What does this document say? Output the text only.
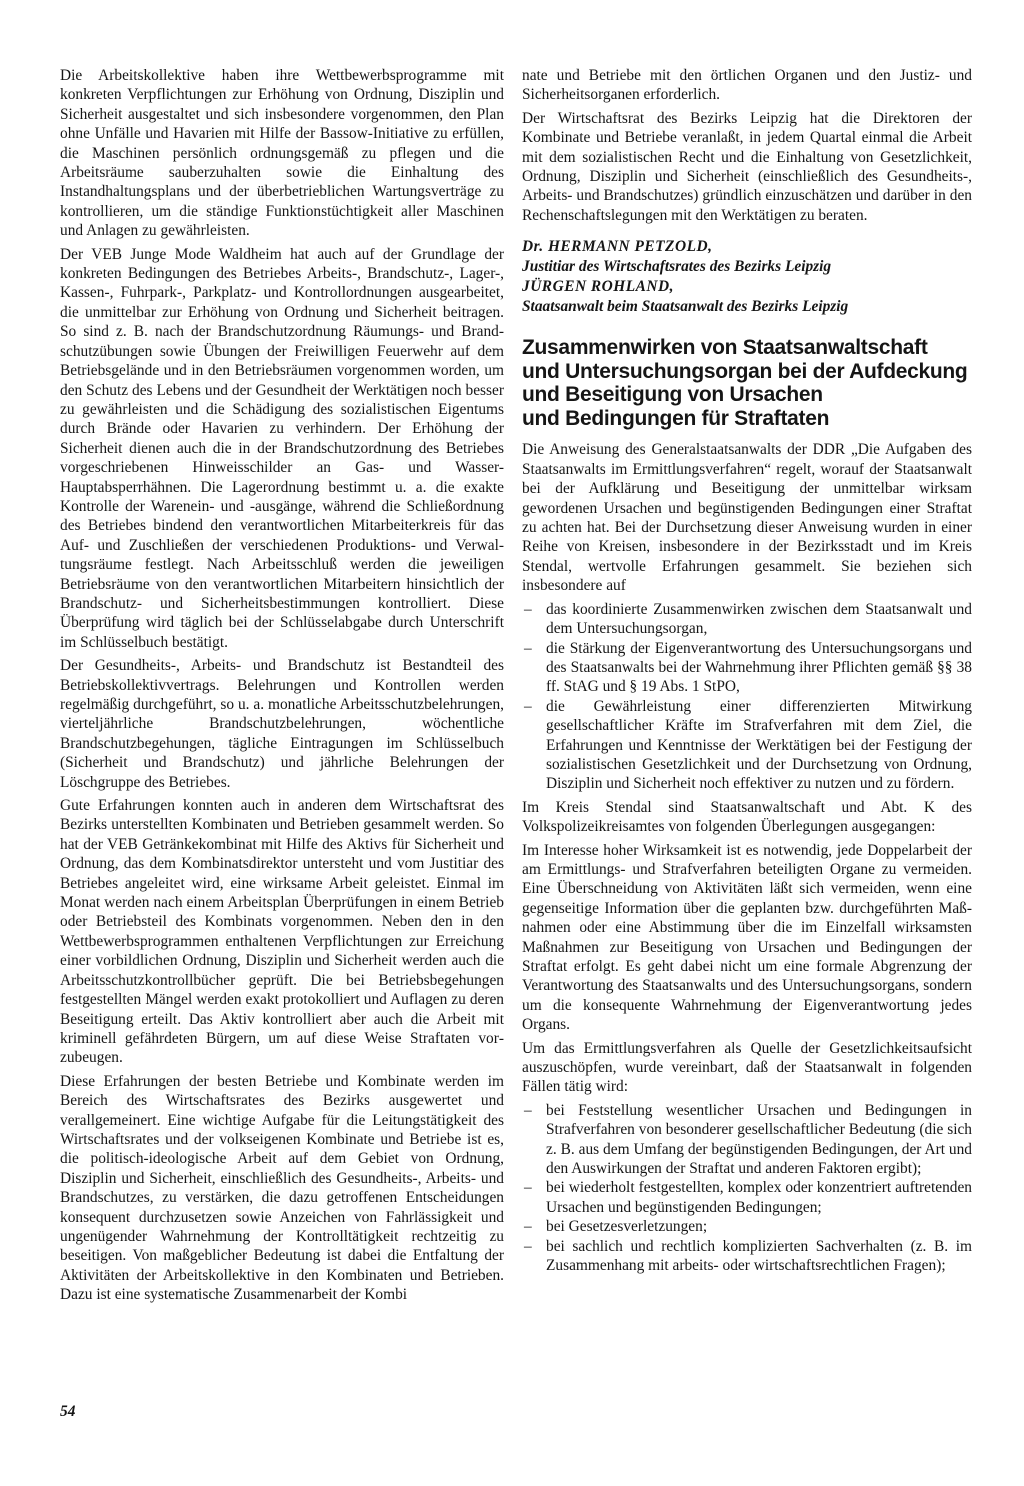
Die Arbeitskollektive haben ihre Wettbewerbsprogramme mit konkreten Verpflichtungen zur Erhöhung von Ordnung, Disziplin und Sicherheit ausgestaltet und sich insbesondere vorgenommen, den Plan ohne Unfälle und Havarien mit Hilfe der Bassow-Initiative zu erfüllen, die Maschinen persönlich ordnungsgemäß zu pflegen und die Arbeitsräume sauberzuhalten sowie die Einhaltung des Instandhaltungsplans und der überbetrieblichen Wartungsverträge zu kontrollieren, um die ständige Funktionstüchtigkeit aller Maschinen und Anlagen zu gewährleisten.

Der VEB Junge Mode Waldheim hat auch auf der Grundlage der konkreten Bedingungen des Betriebes Arbeits-, Brandschutz-, Lager-, Kassen-, Fuhrpark-, Parkplatz- und Kontrollordnungen ausgearbeitet, die unmittelbar zur Erhöhung von Ordnung und Sicherheit beitragen. So sind z. B. nach der Brandschutzordnung Räumungs- und Brandschutzübungen sowie Übungen der Freiwilligen Feuerwehr auf dem Betriebsgelände und in den Betriebsräumen vorgenommen worden, um den Schutz des Lebens und der Gesundheit der Werktätigen noch besser zu gewährleisten und die Schädigung des sozialistischen Eigentums durch Brände oder Havarien zu verhindern. Der Erhöhung der Sicherheit dienen auch die in der Brandschutzordnung des Betriebes vorgeschriebenen Hinweisschilder an Gas- und Wasser-Hauptabsperrhähnen. Die Lagerordnung bestimmt u. a. die exakte Kontrolle der Warenein- und -ausgänge, während die Schließordnung des Betriebes bindend den verantwortlichen Mitarbeiterkreis für das Auf- und Zuschließen der verschiedenen Produktions- und Verwaltungsräume festlegt. Nach Arbeitsschluß werden die jeweiligen Betriebsräume von den verantwortlichen Mitarbeitern hinsichtlich der Brandschutz- und Sicherheitsbestimmungen kontrolliert. Diese Überprüfung wird täglich bei der Schlüsselabgabe durch Unterschrift im Schlüsselbuch bestätigt.

Der Gesundheits-, Arbeits- und Brandschutz ist Bestandteil des Betriebskollektivvertrags. Belehrungen und Kontrollen werden regelmäßig durchgeführt, so u. a. monatliche Arbeitsschutzbelehrungen, vierteljährliche Brandschutzbelehrungen, wöchentliche Brandschutzbegehungen, tägliche Eintragungen im Schlüsselbuch (Sicherheit und Brandschutz) und jährliche Belehrungen der Löschgruppe des Betriebes.

Gute Erfahrungen konnten auch in anderen dem Wirtschaftsrat des Bezirks unterstellten Kombinaten und Betrieben gesammelt werden. So hat der VEB Getränkekombinat mit Hilfe des Aktivs für Sicherheit und Ordnung, das dem Kombinatsdirektor untersteht und vom Justitiar des Betriebes angeleitet wird, eine wirksame Arbeit geleistet. Einmal im Monat werden nach einem Arbeitsplan Überprüfungen in einem Betrieb oder Betriebsteil des Kombinats vorgenommen. Neben den in den Wettbewerbsprogrammen enthaltenen Verpflichtungen zur Erreichung einer vorbildlichen Ordnung, Disziplin und Sicherheit werden auch die Arbeitsschutzkontrollbücher geprüft. Die bei Betriebsbegehungen festgestellten Mängel werden exakt protokolliert und Auflagen zu deren Beseitigung erteilt. Das Aktiv kontrolliert aber auch die Arbeit mit kriminell gefährdeten Bürgern, um auf diese Weise Straftaten vorzubeugen.

Diese Erfahrungen der besten Betriebe und Kombinate werden im Bereich des Wirtschaftsrates des Bezirks ausgewertet und verallgemeinert. Eine wichtige Aufgabe für die Leitungstätigkeit des Wirtschaftsrates und der volkseigenen Kombinate und Betriebe ist es, die politisch-ideologische Arbeit auf dem Gebiet von Ordnung, Disziplin und Sicherheit, einschließlich des Gesundheits-, Arbeits- und Brandschutzes, zu verstärken, die dazu getroffenen Entscheidungen konsequent durchzusetzen sowie Anzeichen von Fahrlässigkeit und ungenügender Wahrnehmung der Kontrolltätigkeit rechtzeitig zu beseitigen. Von maßgeblicher Bedeutung ist dabei die Entfaltung der Aktivitäten der Arbeitskollektive in den Kombinaten und Betrieben. Dazu ist eine systematische Zusammenarbeit der Kombi

nate und Betriebe mit den örtlichen Organen und den Justiz- und Sicherheitsorganen erforderlich.

Der Wirtschaftsrat des Bezirks Leipzig hat die Direktoren der Kombinate und Betriebe veranlaßt, in jedem Quartal einmal die Arbeit mit dem sozialistischen Recht und die Einhaltung von Gesetzlichkeit, Ordnung, Disziplin und Sicherheit (einschließlich des Gesundheits-, Arbeits- und Brandschutzes) gründlich einzuschätzen und darüber in den Rechenschaftslegungen mit den Werktätigen zu beraten.

Dr. HERMANN PETZOLD,
Justitiar des Wirtschaftsrates des Bezirks Leipzig
JÜRGEN ROHLAND,
Staatsanwalt beim Staatsanwalt des Bezirks Leipzig
Zusammenwirken von Staatsanwaltschaft
und Untersuchungsorgan bei der Aufdeckung
und Beseitigung von Ursachen
und Bedingungen für Straftaten

Die Anweisung des Generalstaatsanwalts der DDR „Die Aufgaben des Staatsanwalts im Ermittlungsverfahren“ regelt, worauf der Staatsanwalt bei der Aufklärung und Beseitigung der unmittelbar wirksam gewordenen Ursachen und begünstigenden Bedingungen einer Straftat zu achten hat. Bei der Durchsetzung dieser Anweisung wurden in einer Reihe von Kreisen, insbesondere in der Bezirksstadt und im Kreis Stendal, wertvolle Erfahrungen gesammelt. Sie beziehen sich insbesondere auf

– das koordinierte Zusammenwirken zwischen dem Staatsanwalt und dem Untersuchungsorgan,
– die Stärkung der Eigenverantwortung des Untersuchungsorgans und des Staatsanwalts bei der Wahrnehmung ihrer Pflichten gemäß §§ 38 ff. StAG und § 19 Abs. 1 StPO,
– die Gewährleistung einer differenzierten Mitwirkung gesellschaftlicher Kräfte im Strafverfahren mit dem Ziel, die Erfahrungen und Kenntnisse der Werktätigen bei der Festigung der sozialistischen Gesetzlichkeit und der Durchsetzung von Ordnung, Disziplin und Sicherheit noch effektiver zu nutzen und zu fördern.

Im Kreis Stendal sind Staatsanwaltschaft und Abt. K des Volkspolizeikreisamtes von folgenden Überlegungen ausgegangen:

Im Interesse hoher Wirksamkeit ist es notwendig, jede Doppelarbeit der am Ermittlungs- und Strafverfahren beteiligten Organe zu vermeiden. Eine Überschneidung von Aktivitäten läßt sich vermeiden, wenn eine gegenseitige Information über die geplanten bzw. durchgeführten Maßnahmen oder eine Abstimmung über die im Einzelfall wirksamsten Maßnahmen zur Beseitigung von Ursachen und Bedingungen der Straftat erfolgt. Es geht dabei nicht um eine formale Abgrenzung der Verantwortung des Staatsanwalts und des Untersuchungsorgans, sondern um die konsequente Wahrnehmung der Eigenverantwortung jedes Organs.

Um das Ermittlungsverfahren als Quelle der Gesetzlichkeitsaufsicht auszuschöpfen, wurde vereinbart, daß der Staatsanwalt in folgenden Fällen tätig wird:

– bei Feststellung wesentlicher Ursachen und Bedingungen in Strafverfahren von besonderer gesellschaftlicher Bedeutung (die sich z. B. aus dem Umfang der begünstigenden Bedingungen, der Art und den Auswirkungen der Straftat und anderen Faktoren ergibt);
– bei wiederholt festgestellten, komplex oder konzentriert auftretenden Ursachen und begünstigenden Bedingungen;
– bei Gesetzesverletzungen;
– bei sachlich und rechtlich komplizierten Sachverhalten (z. B. im Zusammenhang mit arbeits- oder wirtschaftsrechtlichen Fragen);
54
